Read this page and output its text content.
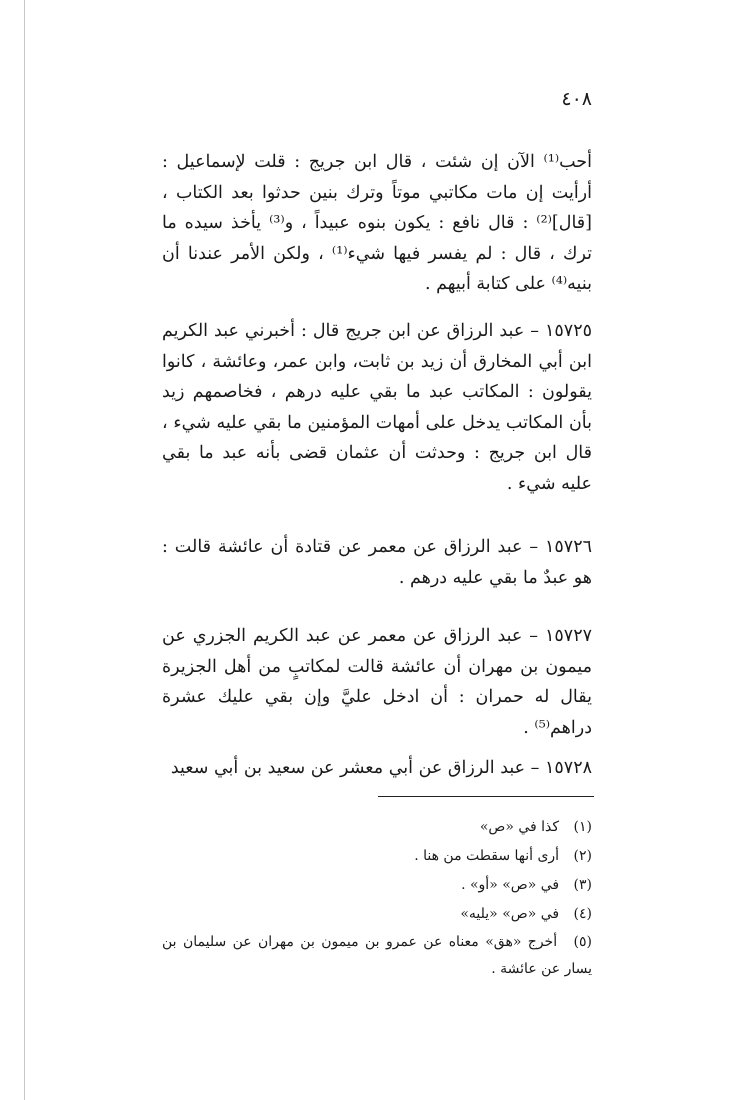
٤٠٨

أحب⁽¹⁾ الآن إن شئت ، قال ابن جريج : قلت لإسماعيل : أرأيت إن مات مكاتبي موتاً وترك بنين حدثوا بعد الكتاب ، [قال]⁽²⁾ : قال نافع : يكون بنوه عبيداً ، و⁽³⁾ يأخذ سيده ما ترك ، قال : لم يفسر فيها شيء⁽¹⁾ ، ولكن الأمر عندنا أن بنيه⁽⁴⁾ على كتابة أبيهم .

١٥٧٢٥ – عبد الرزاق عن ابن جريج قال : أخبرني عبد الكريم ابن أبي المخارق أن زيد بن ثابت، وابن عمر، وعائشة ، كانوا يقولون : المكاتب عبد ما بقي عليه درهم ، فخاصمهم زيد بأن المكاتب يدخل على أمهات المؤمنين ما بقي عليه شيء ، قال ابن جريج : وحدثت أن عثمان قضى بأنه عبد ما بقي عليه شيء .

١٥٧٢٦ – عبد الرزاق عن معمر عن قتادة أن عائشة قالت : هو عبدٌ ما بقي عليه درهم .

١٥٧٢٧ – عبد الرزاق عن معمر عن عبد الكريم الجزري عن ميمون بن مهران أن عائشة قالت لمكاتبٍ من أهل الجزيرة يقال له حمران : أن ادخل عليَّ وإن بقي عليك عشرة دراهم⁽⁵⁾ .

١٥٧٢٨ – عبد الرزاق عن أبي معشر عن سعيد بن أبي سعيد

(١) كذا في «ص»
(٢) أرى أنها سقطت من هنا .
(٣) في «ص» «أو» .
(٤) في «ص» «يليه»
(٥) أخرج «هق» معناه عن عمرو بن ميمون بن مهران عن سليمان بن يسار عن عائشة .
